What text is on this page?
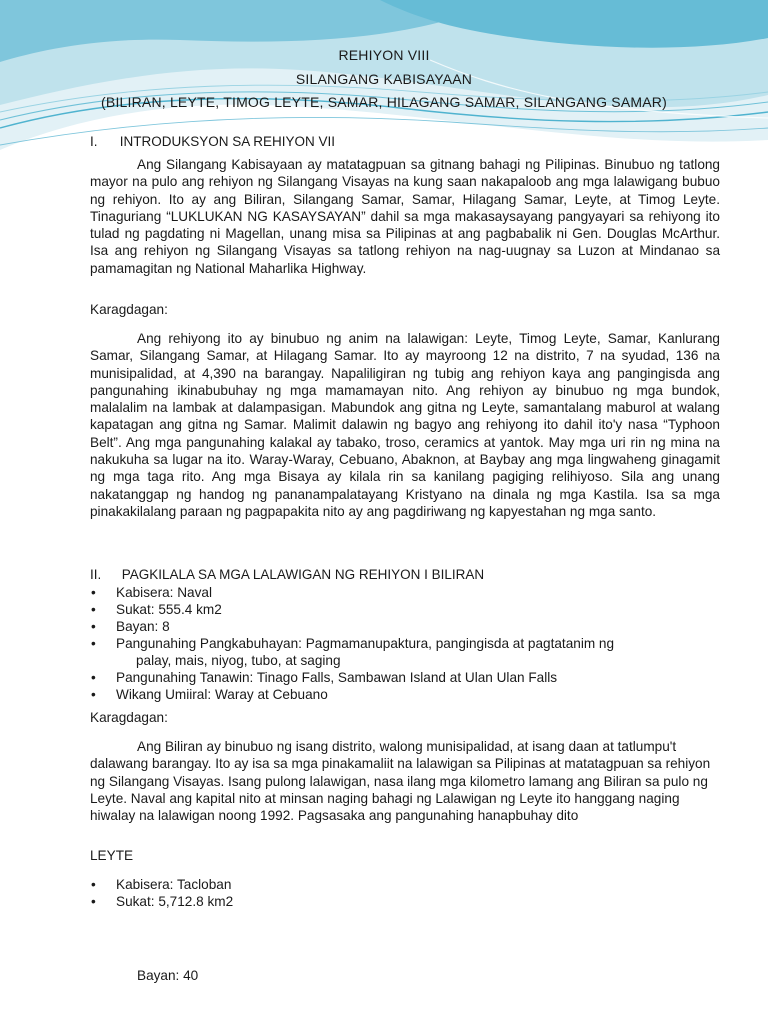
REHIYON VIII
SILANGANG KABISAYAAN
(BILIRAN, LEYTE, TIMOG LEYTE, SAMAR, HILAGANG SAMAR, SILANGANG SAMAR)
I. INTRODUKSYON SA REHIYON VII

Ang Silangang Kabisayaan ay matatagpuan sa gitnang bahagi ng Pilipinas. Binubuo ng tatlong mayor na pulo ang rehiyon ng Silangang Visayas na kung saan nakapaloob ang mga lalawigang bubuo ng rehiyon. Ito ay ang Biliran, Silangang Samar, Samar, Hilagang Samar, Leyte, at Timog Leyte. Tinaguriang “LUKLUKAN NG KASAYSAYAN” dahil sa mga makasaysayang pangyayari sa rehiyong ito tulad ng pagdating ni Magellan, unang misa sa Pilipinas at ang pagbabalik ni Gen. Douglas McArthur. Isa ang rehiyon ng Silangang Visayas sa tatlong rehiyon na nag-uugnay sa Luzon at Mindanao sa pamamagitan ng National Maharlika Highway.

Karagdagan:

Ang rehiyong ito ay binubuo ng anim na lalawigan: Leyte, Timog Leyte, Samar, Kanlurang Samar, Silangang Samar, at Hilagang Samar. Ito ay mayroong 12 na distrito, 7 na syudad, 136 na munisipalidad, at 4,390 na barangay. Napaliligiran ng tubig ang rehiyon kaya ang pangingisda ang pangunahing ikinabubuhay ng mga mamamayan nito. Ang rehiyon ay binubuo ng mga bundok, malalalim na lambak at dalampasigan. Mabundok ang gitna ng Leyte, samantalang maburol at walang kapatagan ang gitna ng Samar. Malimit dalawin ng bagyo ang rehiyong ito dahil ito'y nasa “Typhoon Belt”. Ang mga pangunahing kalakal ay tabako, troso, ceramics at yantok. May mga uri rin ng mina na nakukuha sa lugar na ito. Waray-Waray, Cebuano, Abaknon, at Baybay ang mga lingwaheng ginagamit ng mga taga rito. Ang mga Bisaya ay kilala rin sa kanilang pagiging relihiyoso. Sila ang unang nakatanggap ng handog ng pananampalatayang Kristyano na dinala ng mga Kastila. Isa sa mga pinakakilalang paraan ng pagpapakita nito ay ang pagdiriwang ng kapyestahan ng mga santo.

II. PAGKILALA SA MGA LALAWIGAN NG REHIYON I BILIRAN
• Kabisera: Naval
• Sukat: 555.4 km2
• Bayan: 8
• Pangunahing Pangkabuhayan: Pagmamanupaktura, pangingisda at pagtatanim ng
palay, mais, niyog, tubo, at saging
• Pangunahing Tanawin: Tinago Falls, Sambawan Island at Ulan Ulan Falls
• Wikang Umiiral: Waray at Cebuano
Karagdagan:

Ang Biliran ay binubuo ng isang distrito, walong munisipalidad, at isang daan at tatlumpu't dalawang barangay. Ito ay isa sa mga pinakamaliit na lalawigan sa Pilipinas at matatagpuan sa rehiyon ng Silangang Visayas. Isang pulong lalawigan, nasa ilang mga kilometro lamang ang Biliran sa pulo ng Leyte. Naval ang kapital nito at minsan naging bahagi ng Lalawigan ng Leyte ito hanggang naging hiwalay na lalawigan noong 1992. Pagsasaka ang pangunahing hanapbuhay dito

LEYTE
• Kabisera: Tacloban
• Sukat: 5,712.8 km2
Bayan: 40
